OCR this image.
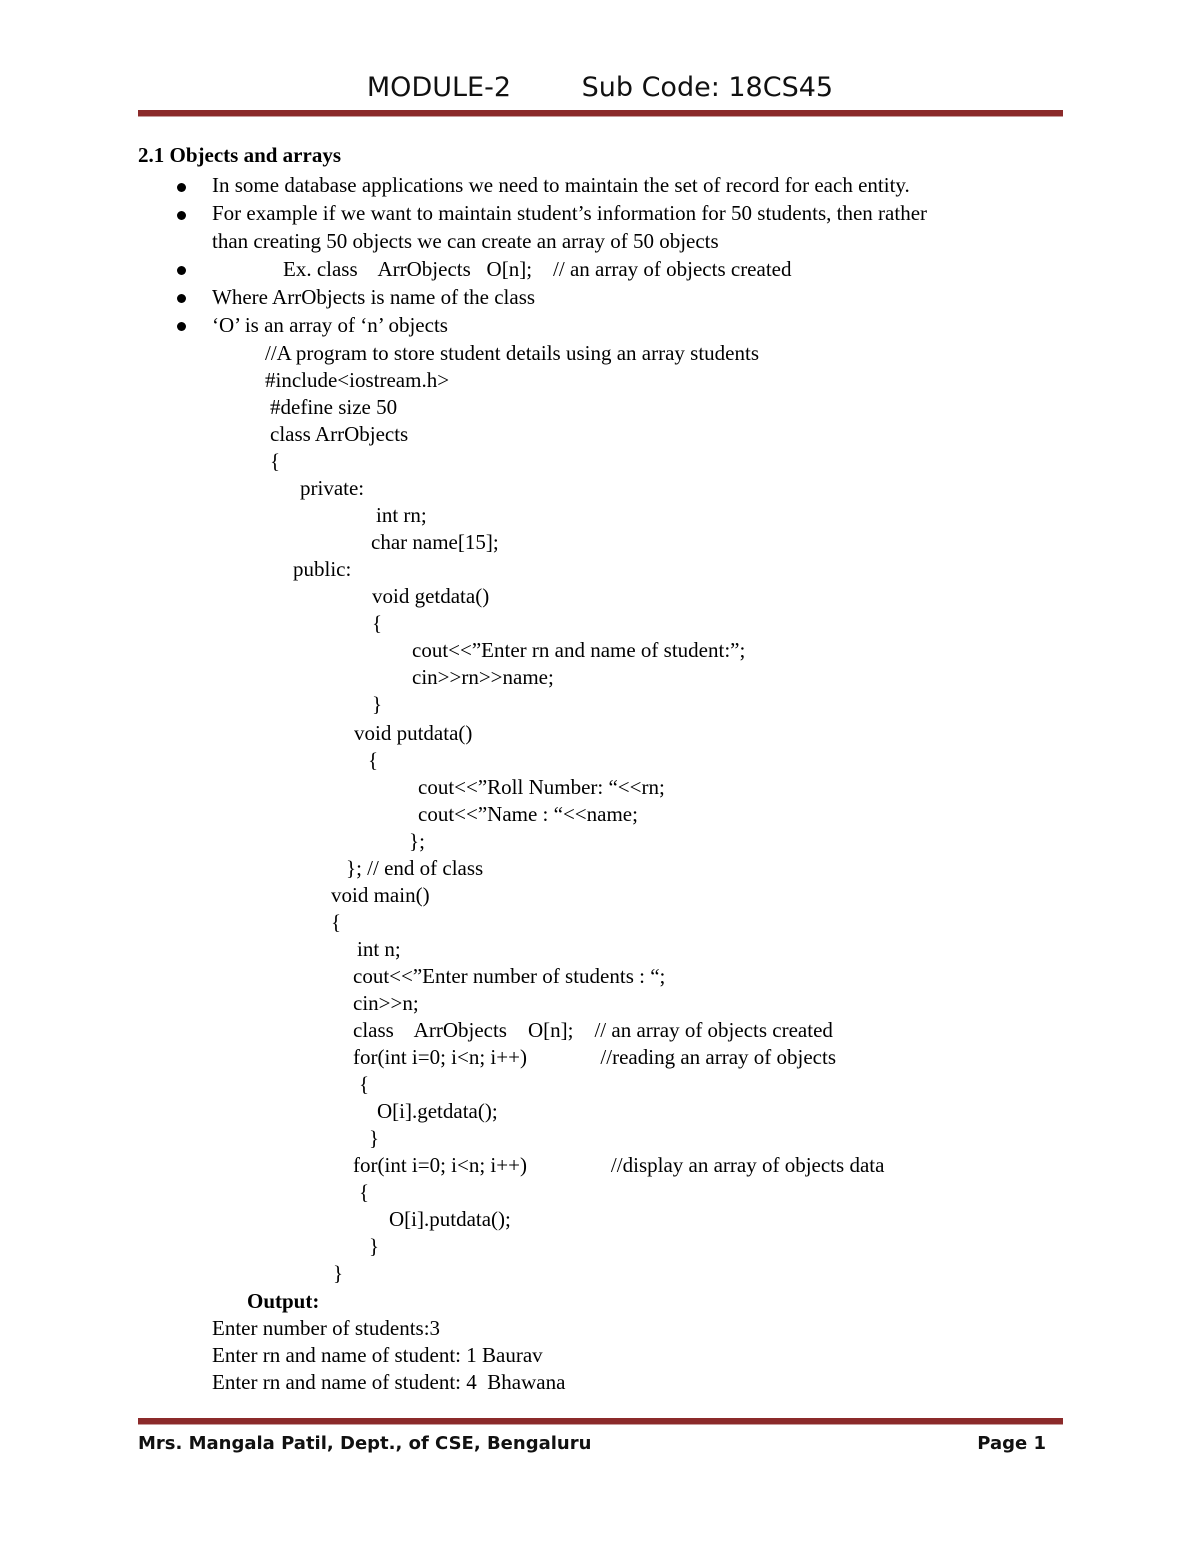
MODULE-2	Sub Code: 18CS45
2.1 Objects and arrays
In some database applications we need to maintain the set of record for each entity.
For example if we want to maintain student’s information for 50 students, then rather
than creating 50 objects we can create an array of 50 objects
Ex. class    ArrObjects   O[n];    // an array of objects created
Where ArrObjects is name of the class
‘O’ is an array of ‘n’ objects
//A program to store student details using an array students
#include<iostream.h>
#define size 50
class ArrObjects
{
private:
int rn;
char name[15];
public:
void getdata()
{
cout<<”Enter rn and name of student:”;
cin>>rn>>name;
}
void putdata()
{
cout<<”Roll Number: “<<rn;
cout<<”Name : “<<name;
};
}; // end of class
void main()
{
int n;
cout<<”Enter number of students : “;
cin>>n;
class    ArrObjects    O[n];    // an array of objects created
for(int i=0; i<n; i++)              //reading an array of objects
{
O[i].getdata();
}
for(int i=0; i<n; i++)                //display an array of objects data
{
O[i].putdata();
}
}
Output:
Enter number of students:3
Enter rn and name of student: 1 Baurav
Enter rn and name of student: 4  Bhawana
Mrs. Mangala Patil, Dept., of CSE, Bengaluru	Page 1
